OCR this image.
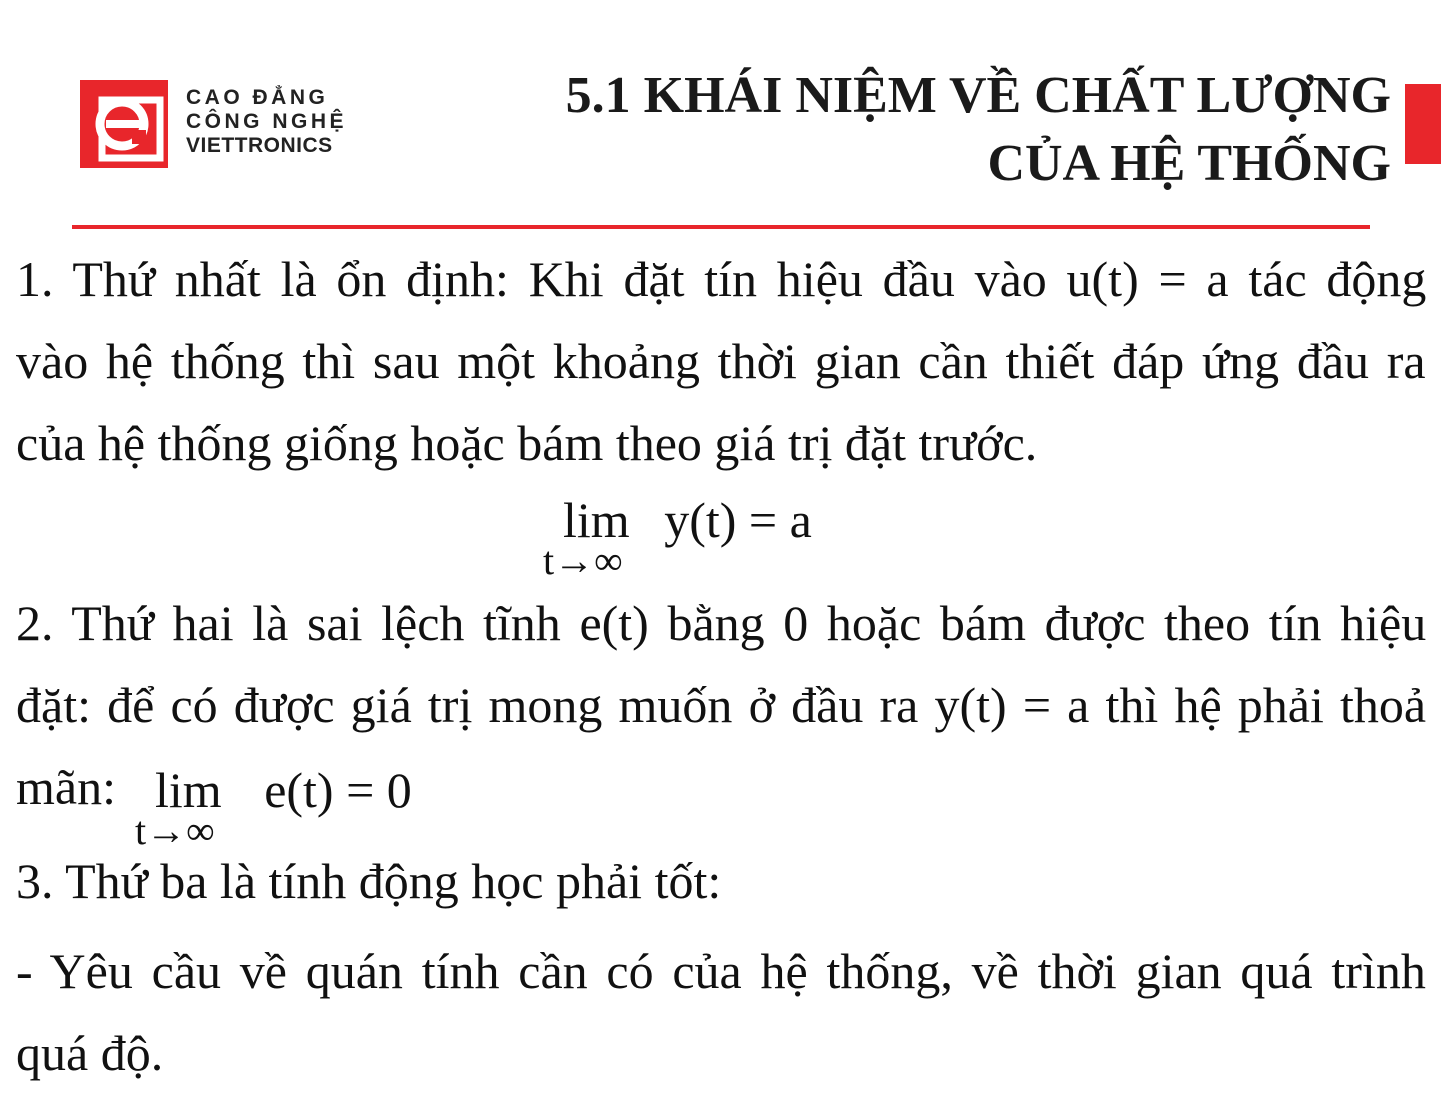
CAO ĐẲNG
CÔNG NGHỆ
VIETTRONICS
5.1 KHÁI NIỆM VỀ CHẤT LƯỢNG
CỦA HỆ THỐNG
1. Thứ nhất là ổn định: Khi đặt tín hiệu đầu vào u(t) = a tác động
vào hệ thống thì sau một khoảng thời gian cần thiết đáp ứng đầu ra
của hệ thống giống hoặc bám theo giá trị đặt trước.
lim
t→∞
y(t) = a
2. Thứ hai là sai lệch tĩnh e(t) bằng 0 hoặc bám được theo tín hiệu
đặt: để có được giá trị mong muốn ở đầu ra y(t) = a thì hệ phải thoả
mãn: lim
t→∞
e(t) = 0
3. Thứ ba là tính động học phải tốt:
- Yêu cầu về quán tính cần có của hệ thống, về thời gian quá trình
quá độ.
